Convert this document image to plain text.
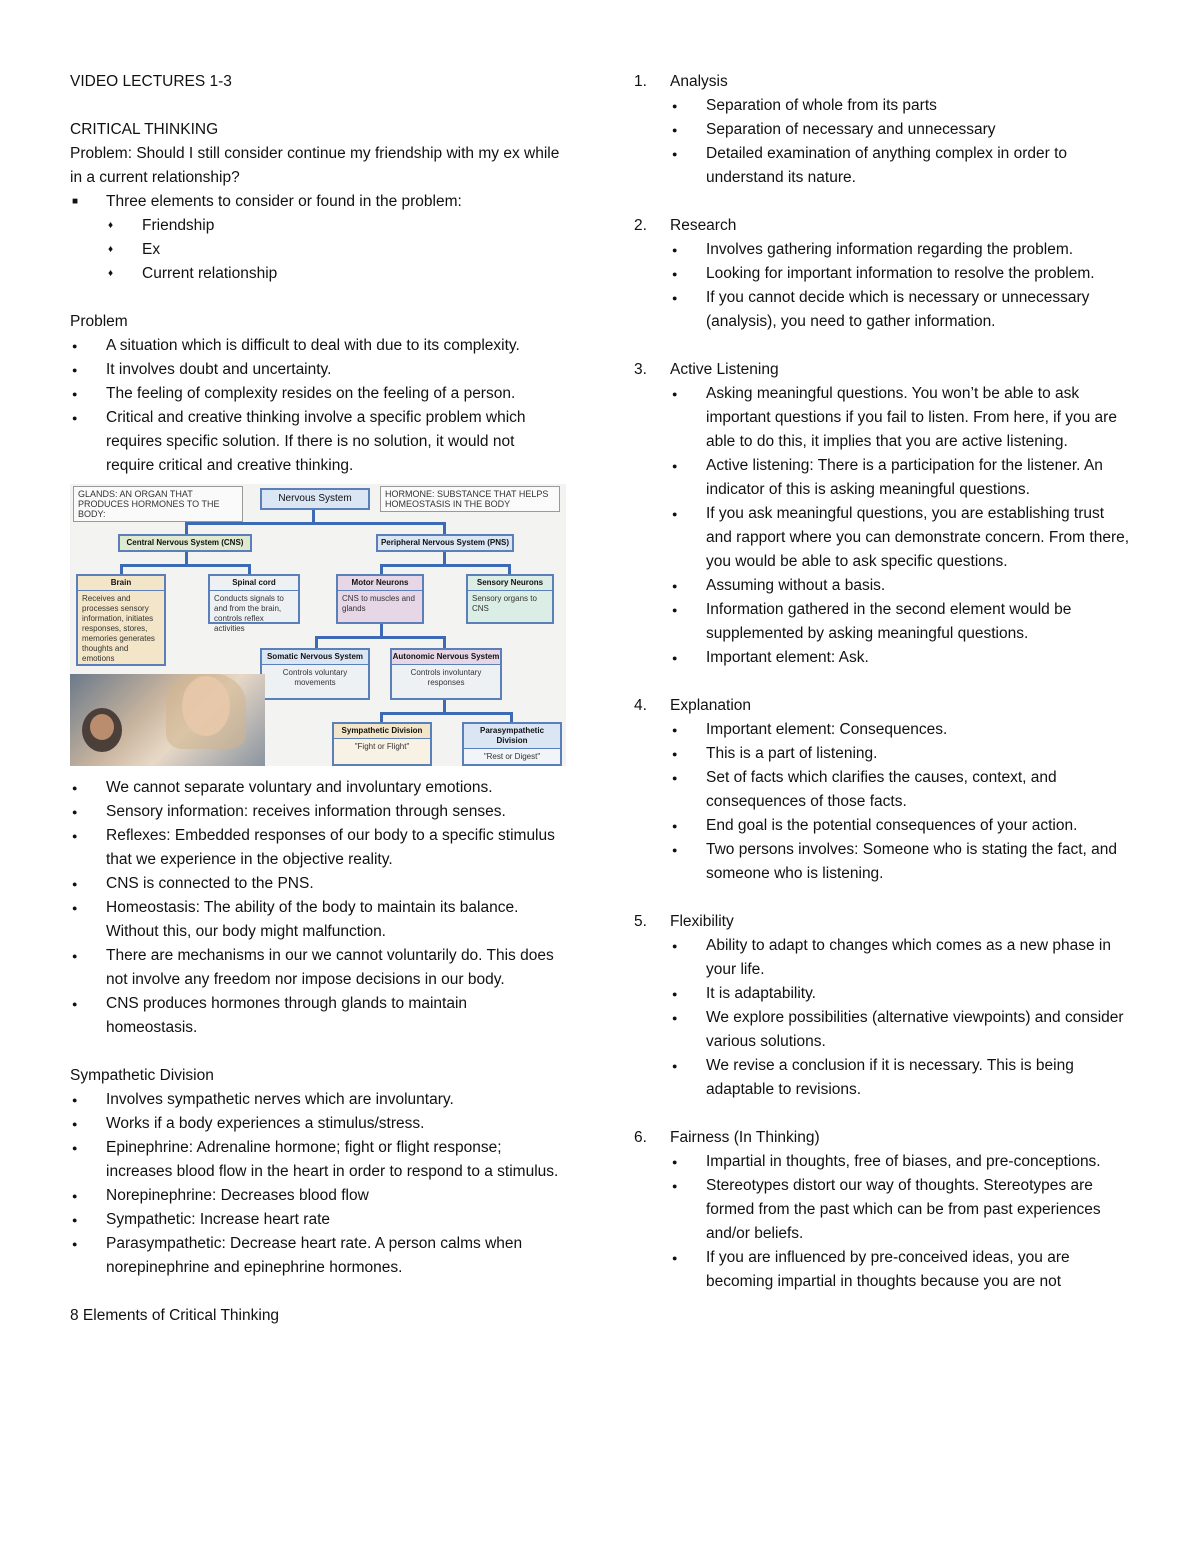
VIDEO LECTURES 1-3

CRITICAL THINKING

Problem: Should I still consider continue my friendship with my ex while in a current relationship?

■ Three elements to consider or found in the problem:
♦ Friendship
♦ Ex
♦ Current relationship

Problem

● A situation which is difficult to deal with due to its complexity.
● It involves doubt and uncertainty.
● The feeling of complexity resides on the feeling of a person.
● Critical and creative thinking involve a specific problem which requires specific solution. If there is no solution, it would not require critical and creative thinking.
GLANDS: AN ORGAN THAT PRODUCES HORMONES TO THE BODY:
HORMONE: SUBSTANCE THAT HELPS HOMEOSTASIS IN THE BODY
Nervous System
Central Nervous System (CNS)	Peripheral Nervous System (PNS)
Brain
Receives and processes sensory information, initiates responses, stores, memories generates thoughts and emotions
Spinal cord
Conducts signals to and from the brain, controls reflex activities
Motor Neurons
CNS to muscles and glands
Sensory Neurons
Sensory organs to CNS
Somatic Nervous System
Controls voluntary movements
Autonomic Nervous System
Controls involuntary responses
Sympathetic Division
"Fight or Flight"
Parasympathetic Division
"Rest or Digest"
● We cannot separate voluntary and involuntary emotions.
● Sensory information: receives information through senses.
● Reflexes: Embedded responses of our body to a specific stimulus that we experience in the objective reality.
● CNS is connected to the PNS.
● Homeostasis: The ability of the body to maintain its balance. Without this, our body might malfunction.
● There are mechanisms in our we cannot voluntarily do. This does not involve any freedom nor impose decisions in our body.
● CNS produces hormones through glands to maintain homeostasis.

Sympathetic Division

● Involves sympathetic nerves which are involuntary.
● Works if a body experiences a stimulus/stress.
● Epinephrine: Adrenaline hormone; fight or flight response; increases blood flow in the heart in order to respond to a stimulus.
● Norepinephrine: Decreases blood flow
● Sympathetic: Increase heart rate
● Parasympathetic: Decrease heart rate. A person calms when norepinephrine and epinephrine hormones.

8 Elements of Critical Thinking

1. Analysis

● Separation of whole from its parts
● Separation of necessary and unnecessary
● Detailed examination of anything complex in order to understand its nature.
2. Research

● Involves gathering information regarding the problem.
● Looking for important information to resolve the problem.
● If you cannot decide which is necessary or unnecessary (analysis), you need to gather information.
3. Active Listening

● Asking meaningful questions. You won’t be able to ask important questions if you fail to listen. From here, if you are able to do this, it implies that you are active listening.
● Active listening: There is a participation for the listener. An indicator of this is asking meaningful questions.
● If you ask meaningful questions, you are establishing trust and rapport where you can demonstrate concern. From there, you would be able to ask specific questions.
● Assuming without a basis.
● Information gathered in the second element would be supplemented by asking meaningful questions.
● Important element: Ask.
4. Explanation

● Important element: Consequences.
● This is a part of listening.
● Set of facts which clarifies the causes, context, and consequences of those facts.
● End goal is the potential consequences of your action.
● Two persons involves: Someone who is stating the fact, and someone who is listening.
5. Flexibility

● Ability to adapt to changes which comes as a new phase in your life.
● It is adaptability.
● We explore possibilities (alternative viewpoints) and consider various solutions.
● We revise a conclusion if it is necessary. This is being adaptable to revisions.
6. Fairness (In Thinking)

● Impartial in thoughts, free of biases, and pre-conceptions.
● Stereotypes distort our way of thoughts. Stereotypes are formed from the past which can be from past experiences and/or beliefs.
● If you are influenced by pre-conceived ideas, you are becoming impartial in thoughts because you are not
